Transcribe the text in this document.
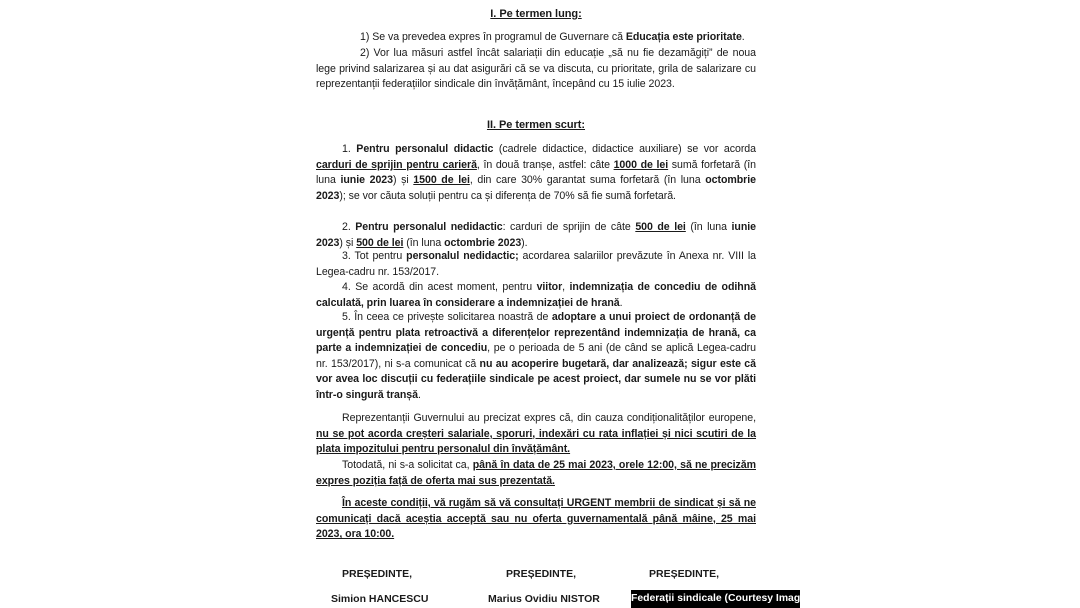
I. Pe termen lung:

1) Se va prevedea expres în programul de Guvernare că Educația este prioritate.

2) Vor lua măsuri astfel încât salariații din educație „să nu fie dezamăgiți” de noua lege privind salarizarea și au dat asigurări că se va discuta, cu prioritate, grila de salarizare cu reprezentanții federațiilor sindicale din învățământ, începând cu 15 iulie 2023.

II. Pe termen scurt:

1. Pentru personalul didactic (cadrele didactice, didactice auxiliare) se vor acorda carduri de sprijin pentru carieră, în două tranșe, astfel: câte 1000 de lei sumă forfetară (în luna iunie 2023) și 1500 de lei, din care 30% garantat suma forfetară (în luna octombrie 2023); se vor căuta soluții pentru ca și diferența de 70% să fie sumă forfetară.

2. Pentru personalul nedidactic: carduri de sprijin de câte 500 de lei (în luna iunie 2023) și 500 de lei (în luna octombrie 2023).

3. Tot pentru personalul nedidactic; acordarea salariilor prevăzute în Anexa nr. VIII la Legea-cadru nr. 153/2017.

4. Se acordă din acest moment, pentru viitor, indemnizația de concediu de odihnă calculată, prin luarea în considerare a indemnizației de hrană.

5. În ceea ce privește solicitarea noastră de adoptare a unui proiect de ordonanță de urgență pentru plata retroactivă a diferențelor reprezentând indemnizația de hrană, ca parte a indemnizației de concediu, pe o perioada de 5 ani (de când se aplică Legea-cadru nr. 153/2017), ni s-a comunicat că nu au acoperire bugetară, dar analizează; sigur este că vor avea loc discuții cu federațiile sindicale pe acest proiect, dar sumele nu se vor plăti într-o singură tranșă.

Reprezentanții Guvernului au precizat expres că, din cauza condiționalităților europene, nu se pot acorda creșteri salariale, sporuri, indexări cu rata inflației și nici scutiri de la plata impozitului pentru personalul din învățământ.

Totodată, ni s-a solicitat ca, până în data de 25 mai 2023, orele 12:00, să ne precizăm expres poziția față de oferta mai sus prezentată.

În aceste condiții, vă rugăm să vă consultați URGENT membrii de sindicat și să ne comunicați dacă aceștia acceptă sau nu oferta guvernamentală până mâine, 25 mai 2023, ora 10:00.

PREȘEDINTE,
Simion HANCESCU
PREȘEDINTE,
Marius Ovidiu NISTOR
PREȘEDINTE,
Federații sindicale (Courtesy Image)
